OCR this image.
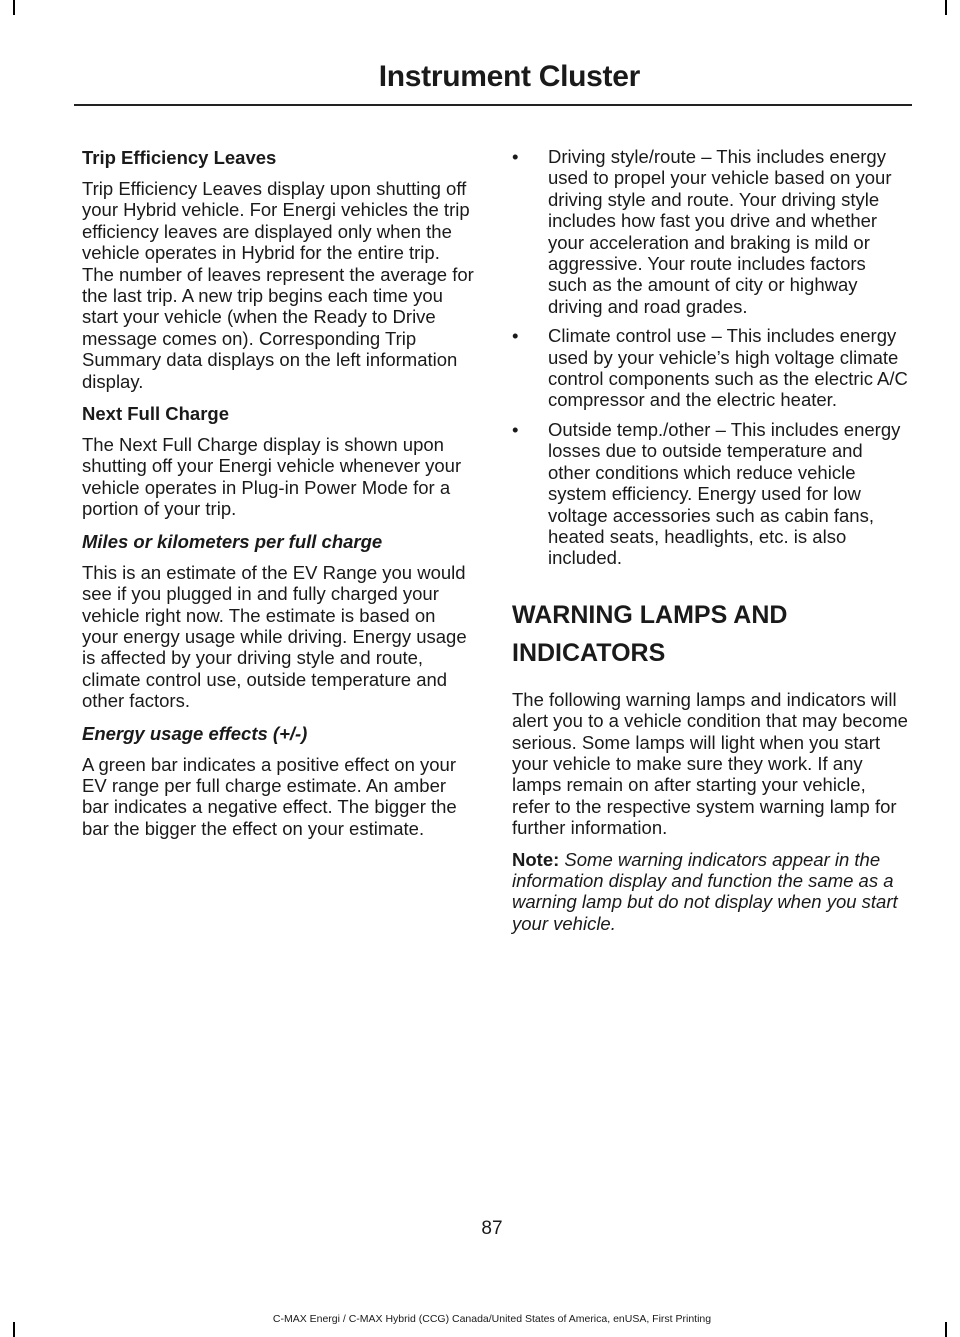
Instrument Cluster
Trip Efficiency Leaves

Trip Efficiency Leaves display upon shutting off your Hybrid vehicle. For Energi vehicles the trip efficiency leaves are displayed only when the vehicle operates in Hybrid for the entire trip. The number of leaves represent the average for the last trip. A new trip begins each time you start your vehicle (when the Ready to Drive message comes on). Corresponding Trip Summary data displays on the left information display.

Next Full Charge

The Next Full Charge display is shown upon shutting off your Energi vehicle whenever your vehicle operates in Plug-in Power Mode for a portion of your trip.

Miles or kilometers per full charge

This is an estimate of the EV Range you would see if you plugged in and fully charged your vehicle right now. The estimate is based on your energy usage while driving. Energy usage is affected by your driving style and route, climate control use, outside temperature and other factors.

Energy usage effects (+/-)

A green bar indicates a positive effect on your EV range per full charge estimate. An amber bar indicates a negative effect. The bigger the bar the bigger the effect on your estimate.

• Driving style/route – This includes energy used to propel your vehicle based on your driving style and route. Your driving style includes how fast you drive and whether your acceleration and braking is mild or aggressive. Your route includes factors such as the amount of city or highway driving and road grades.
• Climate control use – This includes energy used by your vehicle’s high voltage climate control components such as the electric A/C compressor and the electric heater.
• Outside temp./other – This includes energy losses due to outside temperature and other conditions which reduce vehicle system efficiency. Energy used for low voltage accessories such as cabin fans, heated seats, headlights, etc. is also included.
WARNING LAMPS AND
INDICATORS

The following warning lamps and indicators will alert you to a vehicle condition that may become serious. Some lamps will light when you start your vehicle to make sure they work. If any lamps remain on after starting your vehicle, refer to the respective system warning lamp for further information.

Note: Some warning indicators appear in the information display and function the same as a warning lamp but do not display when you start your vehicle.

87
C-MAX Energi / C-MAX Hybrid (CCG) Canada/United States of America, enUSA, First Printing
